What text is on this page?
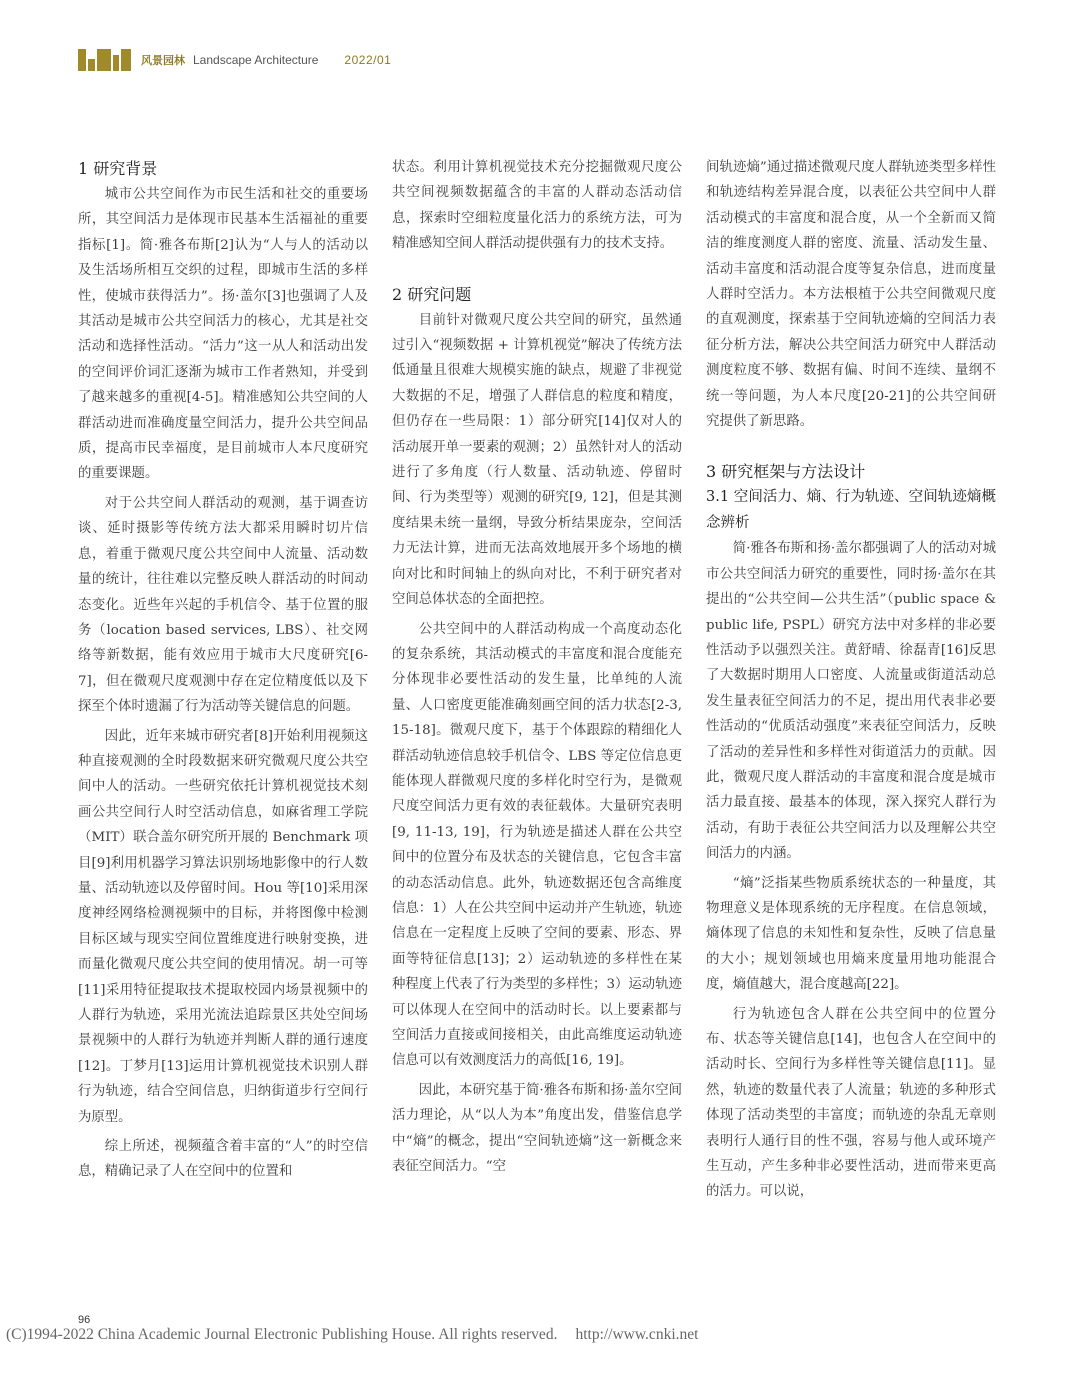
风景园林 Landscape Architecture 2022/01
1 研究背景

城市公共空间作为市民生活和社交的重要场所，其空间活力是体现市民基本生活福祉的重要指标[1]。简·雅各布斯[2]认为“人与人的活动以及生活场所相互交织的过程，即城市生活的多样性，使城市获得活力”。扬·盖尔[3]也强调了人及其活动是城市公共空间活力的核心，尤其是社交活动和选择性活动。“活力”这一从人和活动出发的空间评价词汇逐渐为城市工作者熟知，并受到了越来越多的重视[4-5]。精准感知公共空间的人群活动进而准确度量空间活力，提升公共空间品质，提高市民幸福度，是目前城市人本尺度研究的重要课题。

对于公共空间人群活动的观测，基于调查访谈、延时摄影等传统方法大都采用瞬时切片信息，着重于微观尺度公共空间中人流量、活动数量的统计，往往难以完整反映人群活动的时间动态变化。近些年兴起的手机信令、基于位置的服务（location based services, LBS）、社交网络等新数据，能有效应用于城市大尺度研究[6-7]，但在微观尺度观测中存在定位精度低以及下探至个体时遗漏了行为活动等关键信息的问题。

因此，近年来城市研究者[8]开始利用视频这种直接观测的全时段数据来研究微观尺度公共空间中人的活动。一些研究依托计算机视觉技术刻画公共空间行人时空活动信息，如麻省理工学院（MIT）联合盖尔研究所开展的 Benchmark 项目[9]利用机器学习算法识别场地影像中的行人数量、活动轨迹以及停留时间。Hou 等[10]采用深度神经网络检测视频中的目标，并将图像中检测目标区域与现实空间位置维度进行映射变换，进而量化微观尺度公共空间的使用情况。胡一可等[11]采用特征提取技术提取校园内场景视频中的人群行为轨迹，采用光流法追踪景区共处空间场景视频中的人群行为轨迹并判断人群的通行速度[12]。丁梦月[13]运用计算机视觉技术识别人群行为轨迹，结合空间信息，归纳街道步行空间行为原型。

综上所述，视频蕴含着丰富的“人”的时空信息，精确记录了人在空间中的位置和

状态。利用计算机视觉技术充分挖掘微观尺度公共空间视频数据蕴含的丰富的人群动态活动信息，探索时空细粒度量化活力的系统方法，可为精准感知空间人群活动提供强有力的技术支持。

2 研究问题

目前针对微观尺度公共空间的研究，虽然通过引入“视频数据 + 计算机视觉”解决了传统方法低通量且很难大规模实施的缺点，规避了非视觉大数据的不足，增强了人群信息的粒度和精度，但仍存在一些局限：1）部分研究[14]仅对人的活动展开单一要素的观测；2）虽然针对人的活动进行了多角度（行人数量、活动轨迹、停留时间、行为类型等）观测的研究[9, 12]，但是其测度结果未统一量纲，导致分析结果庞杂，空间活力无法计算，进而无法高效地展开多个场地的横向对比和时间轴上的纵向对比，不利于研究者对空间总体状态的全面把控。

公共空间中的人群活动构成一个高度动态化的复杂系统，其活动模式的丰富度和混合度能充分体现非必要性活动的发生量，比单纯的人流量、人口密度更能准确刻画空间的活力状态[2-3, 15-18]。微观尺度下，基于个体跟踪的精细化人群活动轨迹信息较手机信令、LBS 等定位信息更能体现人群微观尺度的多样化时空行为，是微观尺度空间活力更有效的表征载体。大量研究表明[9, 11-13, 19]，行为轨迹是描述人群在公共空间中的位置分布及状态的关键信息，它包含丰富的动态活动信息。此外，轨迹数据还包含高维度信息：1）人在公共空间中运动并产生轨迹，轨迹信息在一定程度上反映了空间的要素、形态、界面等特征信息[13]；2）运动轨迹的多样性在某种程度上代表了行为类型的多样性；3）运动轨迹可以体现人在空间中的活动时长。以上要素都与空间活力直接或间接相关，由此高维度运动轨迹信息可以有效测度活力的高低[16, 19]。

因此，本研究基于简·雅各布斯和扬·盖尔空间活力理论，从“以人为本”角度出发，借鉴信息学中“熵”的概念，提出“空间轨迹熵”这一新概念来表征空间活力。“空

间轨迹熵”通过描述微观尺度人群轨迹类型多样性和轨迹结构差异混合度，以表征公共空间中人群活动模式的丰富度和混合度，从一个全新而又简洁的维度测度人群的密度、流量、活动发生量、活动丰富度和活动混合度等复杂信息，进而度量人群时空活力。本方法根植于公共空间微观尺度的直观测度，探索基于空间轨迹熵的空间活力表征分析方法，解决公共空间活力研究中人群活动测度粒度不够、数据有偏、时间不连续、量纲不统一等问题，为人本尺度[20-21]的公共空间研究提供了新思路。

3 研究框架与方法设计
3.1 空间活力、熵、行为轨迹、空间轨迹熵概念辨析

简·雅各布斯和扬·盖尔都强调了人的活动对城市公共空间活力研究的重要性，同时扬·盖尔在其提出的“公共空间—公共生活”（public space & public life, PSPL）研究方法中对多样的非必要性活动予以强烈关注。黄舒晴、徐磊青[16]反思了大数据时期用人口密度、人流量或街道活动总发生量表征空间活力的不足，提出用代表非必要性活动的“优质活动强度”来表征空间活力，反映了活动的差异性和多样性对街道活力的贡献。因此，微观尺度人群活动的丰富度和混合度是城市活力最直接、最基本的体现，深入探究人群行为活动，有助于表征公共空间活力以及理解公共空间活力的内涵。

“熵”泛指某些物质系统状态的一种量度，其物理意义是体现系统的无序程度。在信息领域，熵体现了信息的未知性和复杂性，反映了信息量的大小；规划领域也用熵来度量用地功能混合度，熵值越大，混合度越高[22]。

行为轨迹包含人群在公共空间中的位置分布、状态等关键信息[14]，也包含人在空间中的活动时长、空间行为多样性等关键信息[11]。显然，轨迹的数量代表了人流量；轨迹的多种形式体现了活动类型的丰富度；而轨迹的杂乱无章则表明行人通行目的性不强，容易与他人或环境产生互动，产生多种非必要性活动，进而带来更高的活力。可以说，

96
(C)1994-2022 China Academic Journal Electronic Publishing House. All rights reserved. http://www.cnki.net
